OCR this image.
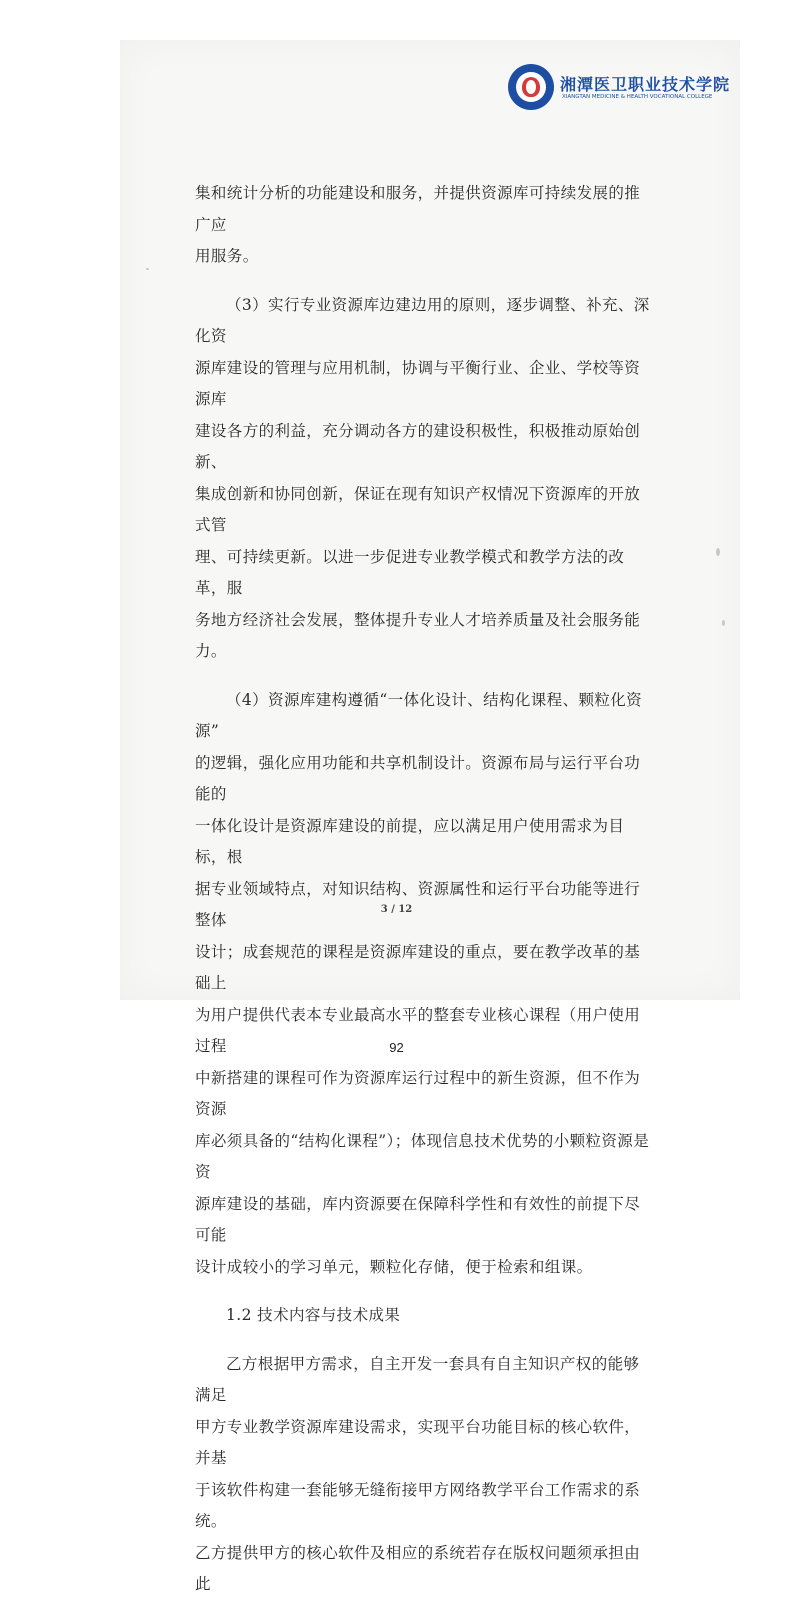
湘潭医卫职业技术学院
XIANGTAN MEDICINE & HEALTH VOCATIONAL COLLEGE

集和统计分析的功能建设和服务，并提供资源库可持续发展的推广应

用服务。

（3）实行专业资源库边建边用的原则，逐步调整、补充、深化资

源库建设的管理与应用机制，协调与平衡行业、企业、学校等资源库

建设各方的利益，充分调动各方的建设积极性，积极推动原始创新、

集成创新和协同创新，保证在现有知识产权情况下资源库的开放式管

理、可持续更新。以进一步促进专业教学模式和教学方法的改革，服

务地方经济社会发展，整体提升专业人才培养质量及社会服务能力。

（4）资源库建构遵循“一体化设计、结构化课程、颗粒化资源”

的逻辑，强化应用功能和共享机制设计。资源布局与运行平台功能的

一体化设计是资源库建设的前提，应以满足用户使用需求为目标，根

据专业领域特点，对知识结构、资源属性和运行平台功能等进行整体

设计；成套规范的课程是资源库建设的重点，要在教学改革的基础上

为用户提供代表本专业最高水平的整套专业核心课程（用户使用过程

中新搭建的课程可作为资源库运行过程中的新生资源，但不作为资源

库必须具备的“结构化课程”）；体现信息技术优势的小颗粒资源是资

源库建设的基础，库内资源要在保障科学性和有效性的前提下尽可能

设计成较小的学习单元，颗粒化存储，便于检索和组课。

1.2 技术内容与技术成果

乙方根据甲方需求，自主开发一套具有自主知识产权的能够满足

甲方专业教学资源库建设需求，实现平台功能目标的核心软件，并基

于该软件构建一套能够无缝衔接甲方网络教学平台工作需求的系统。

乙方提供甲方的核心软件及相应的系统若存在版权问题须承担由此

3 / 12
92
